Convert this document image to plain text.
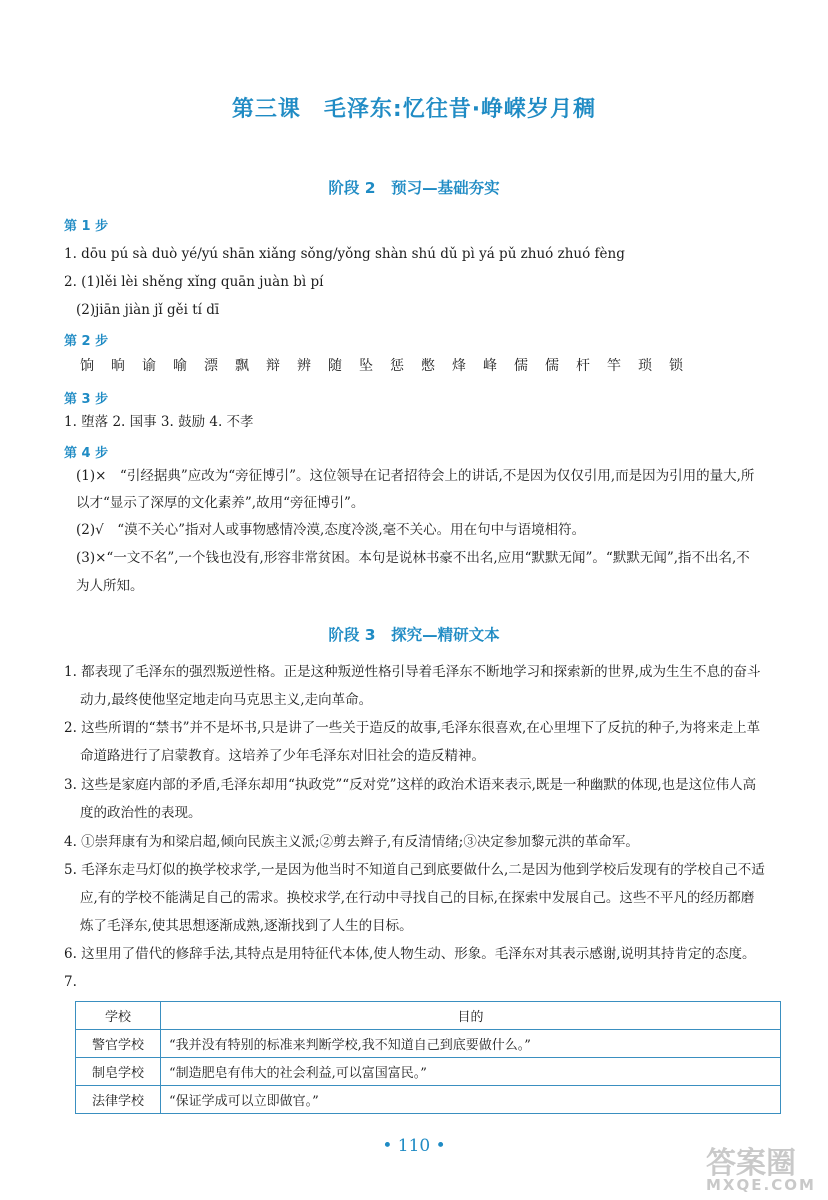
第三课　毛泽东:忆往昔·峥嵘岁月稠
阶段 2　预习—基础夯实
第 1 步
1. dōu pú sà duò yé/yú shān xiǎng sǒng/yǒng shàn shú dǔ pì yá pǔ zhuó zhuó fèng
2. (1)lěi lèi shěng xǐng quān juàn bì pí
(2)jiān jiàn jǐ gěi tí dī
第 2 步
饷 晌 谕 喻 漂 飘 辩 辨 随 坠 惩 憋 烽 峰 儒 儒 杆 竿 琐 锁
第 3 步
1. 堕落 2. 国事 3. 鼓励 4. 不孝
第 4 步
(1)×　“引经据典”应改为“旁征博引”。这位领导在记者招待会上的讲话,不是因为仅仅引用,而是因为引用的量大,所
以才“显示了深厚的文化素养”,故用“旁征博引”。
(2)√　“漠不关心”指对人或事物感情冷漠,态度冷淡,毫不关心。用在句中与语境相符。
(3)×“一文不名”,一个钱也没有,形容非常贫困。本句是说林书豪不出名,应用“默默无闻”。“默默无闻”,指不出名,不
为人所知。
阶段 3　探究—精研文本
1. 都表现了毛泽东的强烈叛逆性格。正是这种叛逆性格引导着毛泽东不断地学习和探索新的世界,成为生生不息的奋斗
动力,最终使他坚定地走向马克思主义,走向革命。
2. 这些所谓的“禁书”并不是坏书,只是讲了一些关于造反的故事,毛泽东很喜欢,在心里埋下了反抗的种子,为将来走上革
命道路进行了启蒙教育。这培养了少年毛泽东对旧社会的造反精神。
3. 这些是家庭内部的矛盾,毛泽东却用“执政党”“反对党”这样的政治术语来表示,既是一种幽默的体现,也是这位伟人高
度的政治性的表现。
4. ①崇拜康有为和梁启超,倾向民族主义派;②剪去辫子,有反清情绪;③决定参加黎元洪的革命军。
5. 毛泽东走马灯似的换学校求学,一是因为他当时不知道自己到底要做什么,二是因为他到学校后发现有的学校自己不适
应,有的学校不能满足自己的需求。换校求学,在行动中寻找自己的目标,在探索中发展自己。这些不平凡的经历都磨
炼了毛泽东,使其思想逐渐成熟,逐渐找到了人生的目标。
6. 这里用了借代的修辞手法,其特点是用特征代本体,使人物生动、形象。毛泽东对其表示感谢,说明其持肯定的态度。
7.
学校	目的
警官学校	“我并没有特别的标准来判断学校,我不知道自己到底要做什么。”
制皂学校	“制造肥皂有伟大的社会利益,可以富国富民。”
法律学校	“保证学成可以立即做官。”
• 110 •	答案圈
MXQE.COM
